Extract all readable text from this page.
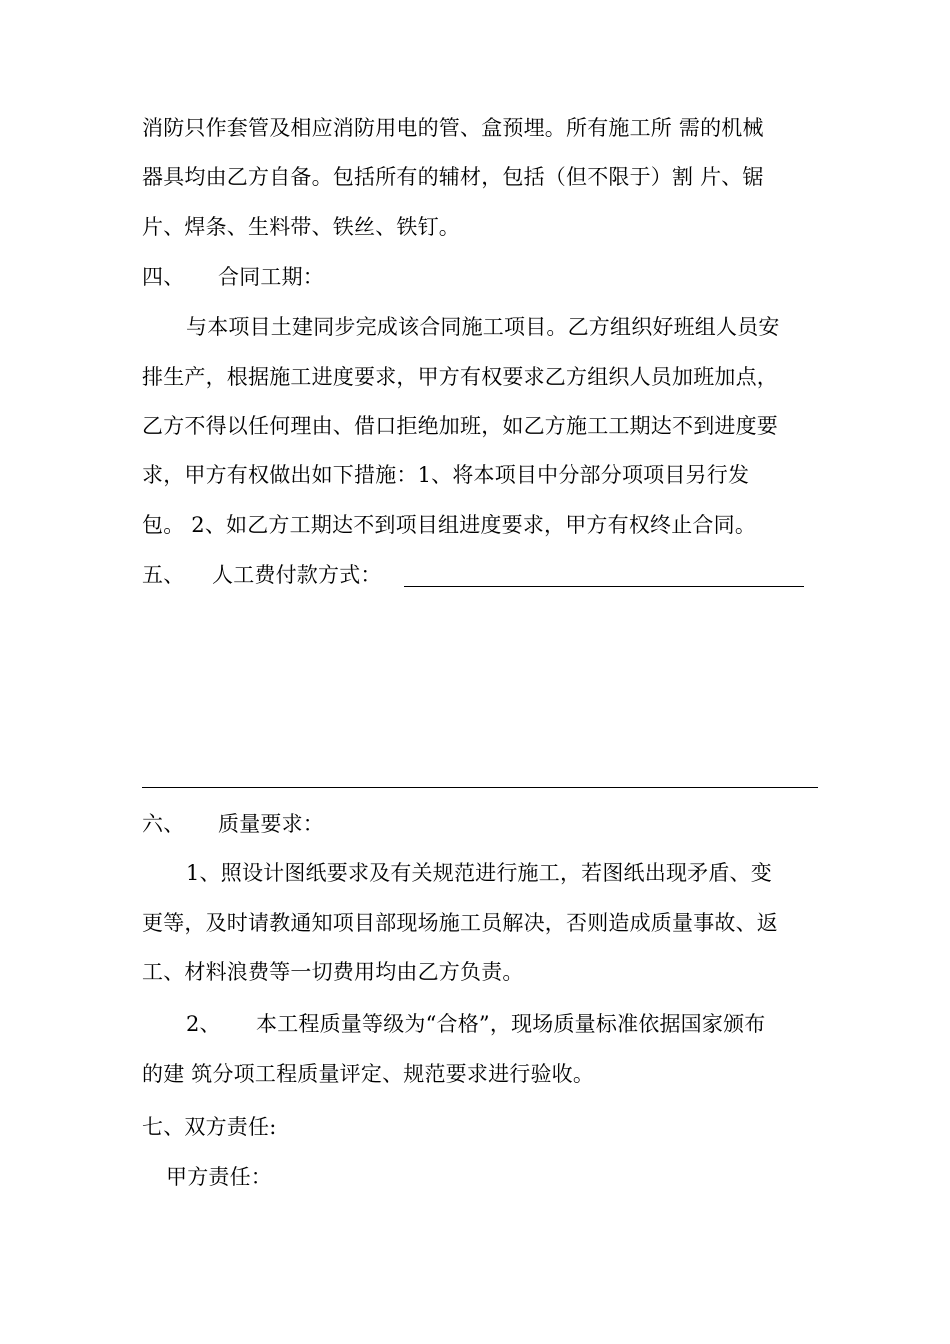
消防只作套管及相应消防用电的管、盒预埋。所有施工所 需的机械
器具均由乙方自备。包括所有的辅材，包括（但不限于）割 片、锯
片、焊条、生料带、铁丝、铁钉。
四、 合同工期：
与本项目土建同步完成该合同施工项目。乙方组织好班组人员安
排生产，根据施工进度要求，甲方有权要求乙方组织人员加班加点，
乙方不得以任何理由、借口拒绝加班，如乙方施工工期达不到进度要
求，甲方有权做出如下措施：1、将本项目中分部分项项目另行发
包。 2、如乙方工期达不到项目组进度要求，甲方有权终止合同。
五、 人工费付款方式：
六、 质量要求：
1、照设计图纸要求及有关规范进行施工，若图纸出现矛盾、变
更等，及时请教通知项目部现场施工员解决，否则造成质量事故、返
工、材料浪费等一切费用均由乙方负责。
2、 本工程质量等级为“合格”，现场质量标准依据国家颁布
的建 筑分项工程质量评定、规范要求进行验收。
七、双方责任:
甲方责任：
